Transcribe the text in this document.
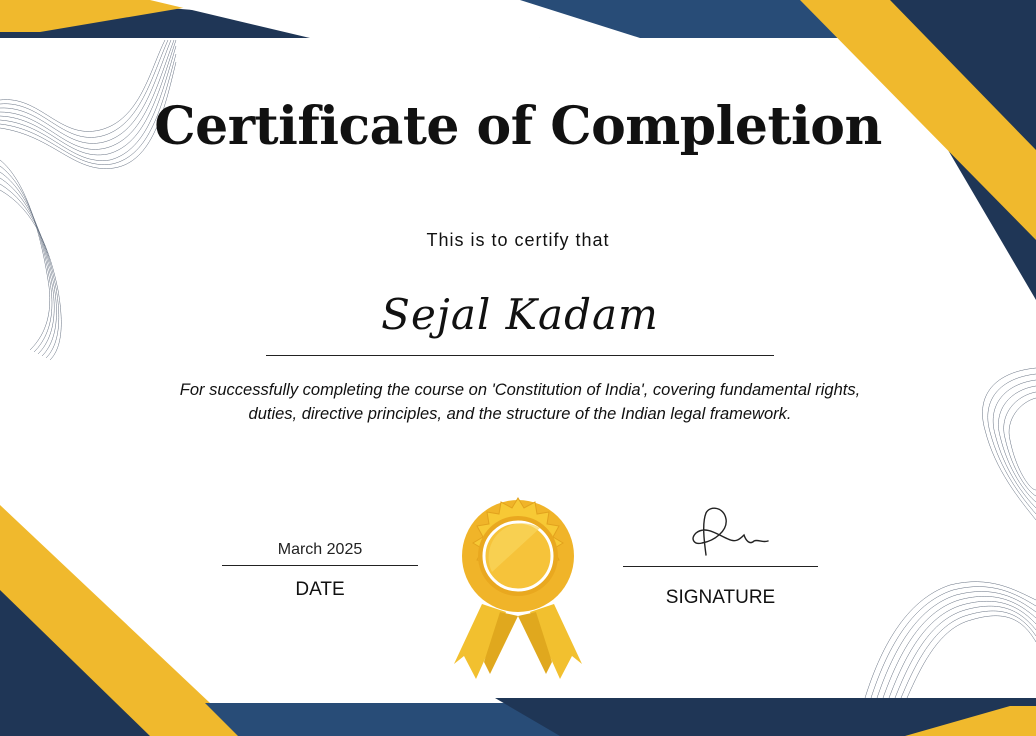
Certificate of Completion
This is to certify that
Sejal Kadam
For successfully completing the course on 'Constitution of India', covering fundamental rights, duties, directive principles, and the structure of the Indian legal framework.
March 2025
DATE	SIGNATURE
